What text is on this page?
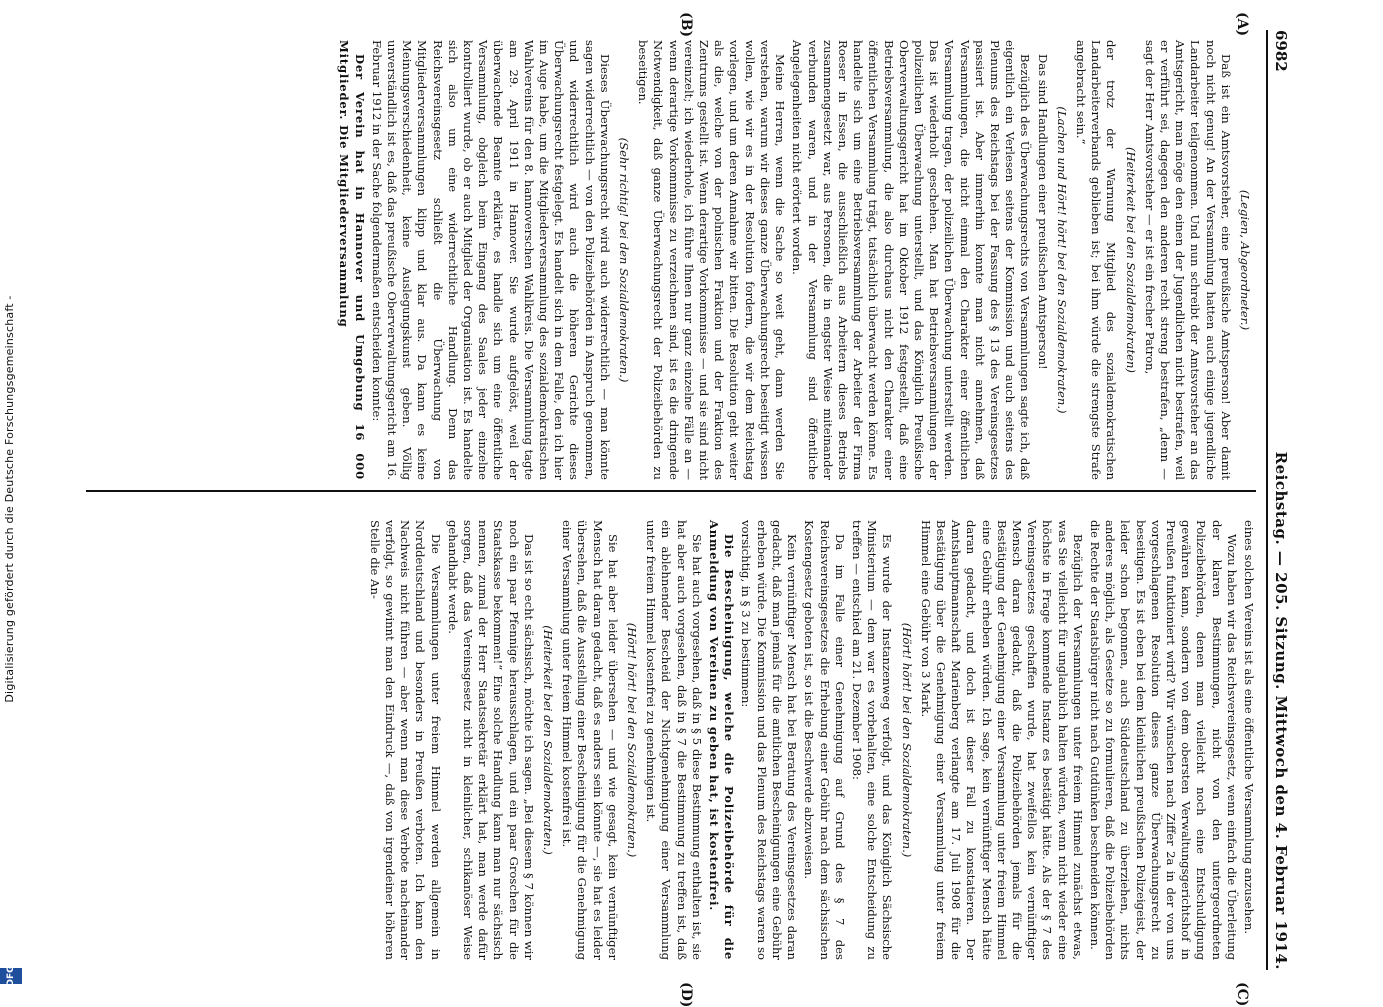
Digitalisierung gefördert durch die Deutsche Forschungsgemeinschaft -
DFG
6982
Reichstag. — 205. Sitzung. Mittwoch den 4. Februar 1914.
(A)
(B)
(C)
(D)

(Legien, Abgeordneter.)

Daß ist ein Amtsvorsteher, eine preußische Amtsperson! Aber damit noch nicht genug! An der Versammlung hatten auch einige jugendliche Landarbeiter teilgenommen. Und nun schreibt der Amtsvorsteher an das Amtsgericht, man möge den einen der Jugendlichen nicht bestrafen, weil er verführt sei, dagegen den anderen recht streng bestrafen, „denn — sagt der Herr Amtsvorsteher — er ist ein frecher Patron,

(Heiterkeit bei den Sozialdemokraten)

der trotz der Warnung Mitglied des sozialdemokratischen Landarbeiterverbands geblieben ist; bei ihm würde die strengste Strafe angebracht sein.“

(Lachen und Hört! hört! bei den Sozialdemokraten.)

Das sind Handlungen einer preußischen Amtsperson!

Bezüglich des Überwachungsrechts von Versammlungen sagte ich, daß eigentlich ein Verlesen seitens der Kommission und auch seitens des Plenums des Reichstags bei der Fassung des § 13 des Vereinsgesetzes passiert ist. Aber immerhin konnte man nicht annehmen, daß Versammlungen, die nicht einmal den Charakter einer öffentlichen Versammlung tragen, der polizeilichen Überwachung unterstellt werden. Das ist wiederholt geschehen. Man hat Betriebsversammlungen der polizeilichen Überwachung unterstellt, und das Königlich Preußische Oberverwaltungsgericht hat im Oktober 1912 festgestellt, daß eine Betriebsversammlung, die also durchaus nicht den Charakter einer öffentlichen Versammlung trägt, tatsächlich überwacht werden könne. Es handelte sich um eine Betriebsversammlung der Arbeiter der Firma Roeser in Essen, die ausschließlich aus Arbeitern dieses Betriebs zusammengesetzt war, aus Personen, die in engster Weise miteinander verbunden waren, und in der Versammlung sind öffentliche Angelegenheiten nicht erörtert worden.

Meine Herren, wenn die Sache so weit geht, dann werden Sie verstehen, warum wir dieses ganze Überwachungsrecht beseitigt wissen wollen, wie wir es in der Resolution fordern, die wir dem Reichstag vorlegen, und um deren Annahme wir bitten. Die Resolution geht weiter als die, welche von der polnischen Fraktion und der Fraktion des Zentrums gestellt ist. Wenn derartige Vorkommnisse — und sie sind nicht vereinzelt; ich wiederhole, ich führe Ihnen nur ganz einzelne Fälle an — wenn derartige Vorkommnisse zu verzeichnen sind, ist es die dringende Notwendigkeit, daß ganze Überwachungsrecht der Polizeibehörden zu beseitigen.

(Sehr richtig! bei den Sozialdemokraten.)

Dieses Überwachungsrecht wird auch widerrechtlich — man könnte sagen widerrechtlich — von den Polizeibehörden in Anspruch genommen, und widerrechtlich wird auch die höheren Gerichte dieses Überwachungsrecht festgelegt. Es handelt sich in dem Falle, den ich hier im Auge habe, um die Mitgliederversammlung des sozialdemokratischen Wahlvereins für den 8. hannoverschen Wahlkreis. Die Versammlung tagte am 29. April 1911 in Hannover. Sie wurde aufgelöst, weil der überwachende Beamte erklärte, es handle sich um eine öffentliche Versammlung, obgleich beim Eingang des Saales jeder einzelne kontrolliert wurde, ob er auch Mitglied der Organisation ist. Es handelte sich also um eine widerrechtliche Handlung. Denn das Reichsvereinsgesetz schließt die Überwachung von Mitgliederversammlungen klipp und klar aus. Da kann es keine Meinungsverschiedenheit, keine Auslegungskunst geben. Völlig unverständlich ist es, daß das preußische Oberverwaltungsgericht am 16. Februar 1912 in der Sache folgendermaßen entscheiden konnte:

Der Verein hat in Hannover und Umgebung 16 000 Mitglieder. Die Mitgliederversammlung

eines solchen Vereins ist als eine öffentliche Versammlung anzusehen.

Wozu haben wir das Reichsvereinsgesetz, wenn einfach die Überleitung der klaren Bestimmungen, nicht von den untergeordneten Polizeibehörden, denen man vielleicht noch eine Entschuldigung gewähren kann, sondern von dem obersten Verwaltungsgerichtshof in Preußen funktioniert wird? Wir wünschen nach Ziffer 2a in der von uns vorgeschlagenen Resolution dieses ganze Überwachungsrecht zu beseitigen. Es ist eben bei dem kleinlichen preußischen Polizeigeist, der leider schon begonnen, auch Süddeutschland zu überziehen, nichts anderes möglich, als Gesetze so zu formulieren, daß die Polizeibehörden die Rechte der Staatsbürger nicht nach Gutdünken beschneiden können.

Bezüglich der Versammlungen unter freiem Himmel zunächst etwas, was Sie vielleicht für unglaublich halten würden, wenn nicht wieder eine höchste in Frage kommende Instanz es bestätigt hätte. Als der § 7 des Vereinsgesetzes geschaffen wurde, hat zweifellos kein vernünftiger Mensch daran gedacht, daß die Polizeibehörden jemals für die Bestätigung der Genehmigung einer Versammlung unter freiem Himmel eine Gebühr erheben würden. Ich sage, kein vernünftiger Mensch hätte daran gedacht, und doch ist dieser Fall zu konstatieren. Der Amtshauptmannschaft Marienberg verlangte am 17. Juli 1908 für die Bestätigung über die Genehmigung einer Versammlung unter freiem Himmel eine Gebühr von 3 Mark.

(Hört! hört! bei den Sozialdemokraten.)

Es wurde der Instanzenweg verfolgt, und das Königlich Sächsische Ministerium — dem war es vorbehalten, eine solche Entscheidung zu treffen — entschied am 21. Dezember 1908:

Da im Falle einer Genehmigung auf Grund des § 7 des Reichsvereinsgesetzes die Erhebung einer Gebühr nach dem sächsischen Kostengesetz geboten ist, so ist die Beschwerde abzuweisen.

Kein vernünftiger Mensch hat bei Beratung des Vereinsgesetzes daran gedacht, daß man jemals für die amtlichen Bescheinigungen eine Gebühr erheben würde. Die Kommission und das Plenum des Reichstags waren so vorsichtig, in § 3 zu bestimmen:

Die Bescheinigung, welche die Polizeibehörde für die Anmeldung von Vereinen zu geben hat, ist kostenfrei.

Sie hat auch vorgesehen, daß in § 5 diese Bestimmung enthalten ist, sie hat aber auch vorgesehen, daß in § 7 die Bestimmung zu treffen ist, daß ein ablehnender Bescheid der Nichtgenehmigung einer Versammlung unter freiem Himmel kostenfrei zu genehmigen ist.

(Hört! hört! bei den Sozialdemokraten.)

Sie hat aber leider übersehen — und wie gesagt, kein vernünftiger Mensch hat daran gedacht, daß es anders sein könnte —, sie hat es leider übersehen, daß die Ausstellung einer Bescheinigung für die Genehmigung einer Versammlung unter freiem Himmel kostenfrei ist.

(Heiterkeit bei den Sozialdemokraten.)

Das ist so echt sächsisch, möchte ich sagen. „Bei diesem § 7 können wir noch ein paar Pfennige herausschlagen, und ein paar Groschen für die Staatskasse bekommen!“ Eine solche Handlung kann man nur sächsisch nennen, zumal der Herr Staatssekretär erklärt hat, man werde dafür sorgen, daß das Vereinsgesetz nicht in kleinlicher, schikanöser Weise gehandhabt werde.

Die Versammlungen unter freiem Himmel werden allgemein in Norddeutschland und besonders in Preußen verboten. Ich kann den Nachweis nicht führen — aber wenn man diese Verbote nacheinander verfolgt, so gewinnt man den Eindruck —, daß von irgendeiner höheren Stelle die An-
